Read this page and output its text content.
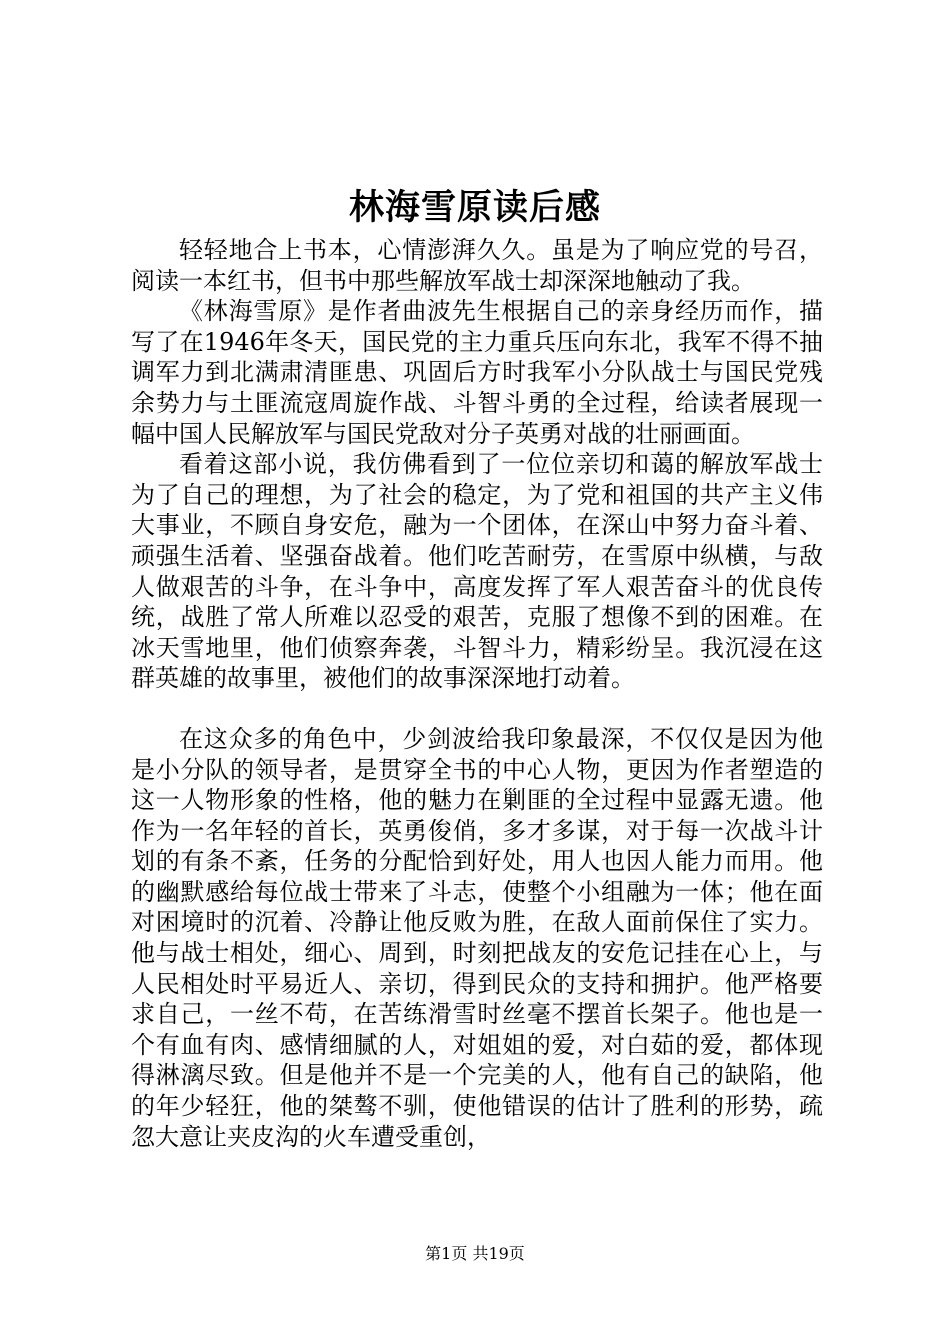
林海雪原读后感

轻轻地合上书本，心情澎湃久久。虽是为了响应党的号召，阅读一本红书，但书中那些解放军战士却深深地触动了我。

《林海雪原》是作者曲波先生根据自己的亲身经历而作，描写了在1946年冬天，国民党的主力重兵压向东北，我军不得不抽调军力到北满肃清匪患、巩固后方时我军小分队战士与国民党残余势力与土匪流寇周旋作战、斗智斗勇的全过程，给读者展现一幅中国人民解放军与国民党敌对分子英勇对战的壮丽画面。

看着这部小说，我仿佛看到了一位位亲切和蔼的解放军战士为了自己的理想，为了社会的稳定，为了党和祖国的共产主义伟大事业，不顾自身安危，融为一个团体，在深山中努力奋斗着、顽强生活着、坚强奋战着。他们吃苦耐劳，在雪原中纵横，与敌人做艰苦的斗争，在斗争中，高度发挥了军人艰苦奋斗的优良传统，战胜了常人所难以忍受的艰苦，克服了想像不到的困难。在冰天雪地里，他们侦察奔袭，斗智斗力，精彩纷呈。我沉浸在这群英雄的故事里，被他们的故事深深地打动着。

在这众多的角色中，少剑波给我印象最深，不仅仅是因为他是小分队的领导者，是贯穿全书的中心人物，更因为作者塑造的这一人物形象的性格，他的魅力在剿匪的全过程中显露无遗。他作为一名年轻的首长，英勇俊俏，多才多谋，对于每一次战斗计划的有条不紊，任务的分配恰到好处，用人也因人能力而用。他的幽默感给每位战士带来了斗志，使整个小组融为一体；他在面对困境时的沉着、冷静让他反败为胜，在敌人面前保住了实力。他与战士相处，细心、周到，时刻把战友的安危记挂在心上，与人民相处时平易近人、亲切，得到民众的支持和拥护。他严格要求自己，一丝不苟，在苦练滑雪时丝毫不摆首长架子。他也是一个有血有肉、感情细腻的人，对姐姐的爱，对白茹的爱，都体现得淋漓尽致。但是他并不是一个完美的人，他有自己的缺陷，他的年少轻狂，他的桀骜不驯，使他错误的估计了胜利的形势，疏忽大意让夹皮沟的火车遭受重创，

第1页 共19页
